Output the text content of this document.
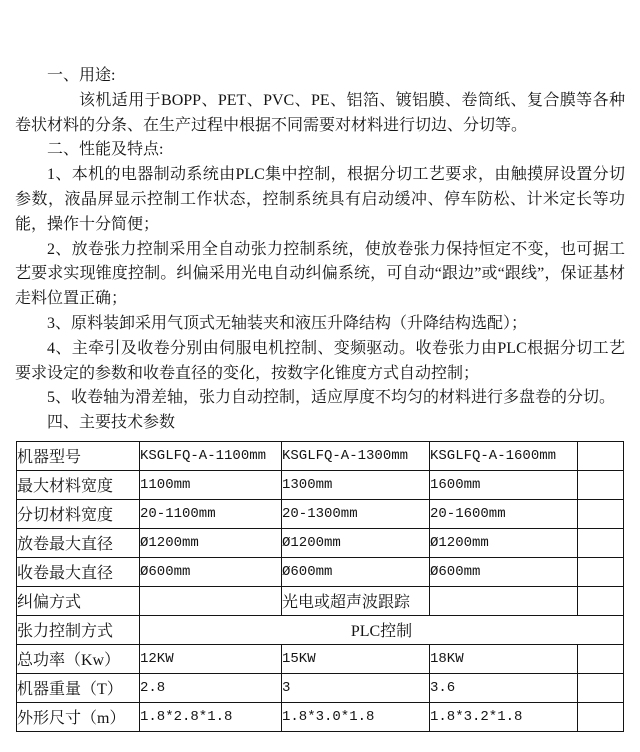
一、用途:

该机适用于BOPP、PET、PVC、PE、铝箔、镀铝膜、卷筒纸、复合膜等各种卷状材料的分条、在生产过程中根据不同需要对材料进行切边、分切等。

二、性能及特点:

1、本机的电器制动系统由PLC集中控制，根据分切工艺要求，由触摸屏设置分切参数，液晶屏显示控制工作状态，控制系统具有启动缓冲、停车防松、计米定长等功能，操作十分简便；

2、放卷张力控制采用全自动张力控制系统，使放卷张力保持恒定不变，也可据工艺要求实现锥度控制。纠偏采用光电自动纠偏系统，可自动“跟边”或“跟线”，保证基材走料位置正确；

3、原料装卸采用气顶式无轴装夹和液压升降结构（升降结构选配）；

4、主牵引及收卷分别由伺服电机控制、变频驱动。收卷张力由PLC根据分切工艺要求设定的参数和收卷直径的变化，按数字化锥度方式自动控制；

5、收卷轴为滑差轴，张力自动控制，适应厚度不均匀的材料进行多盘卷的分切。

四、主要技术参数

机器型号	KSGLFQ-A-1100mm	KSGLFQ-A-1300mm	KSGLFQ-A-1600mm	
最大材料宽度	1100mm	1300mm	1600mm	
分切材料宽度	20-1100mm	20-1300mm	20-1600mm	
放卷最大直径	Ø1200mm	Ø1200mm	Ø1200mm	
收卷最大直径	Ø600mm	Ø600mm	Ø600mm	
纠偏方式		光电或超声波跟踪		
张力控制方式	PLC控制			
总功率（Kw）	12KW	15KW	18KW	
机器重量（T）	2.8	3	3.6	
外形尺寸（m）	1.8*2.8*1.8	1.8*3.0*1.8	1.8*3.2*1.8	
